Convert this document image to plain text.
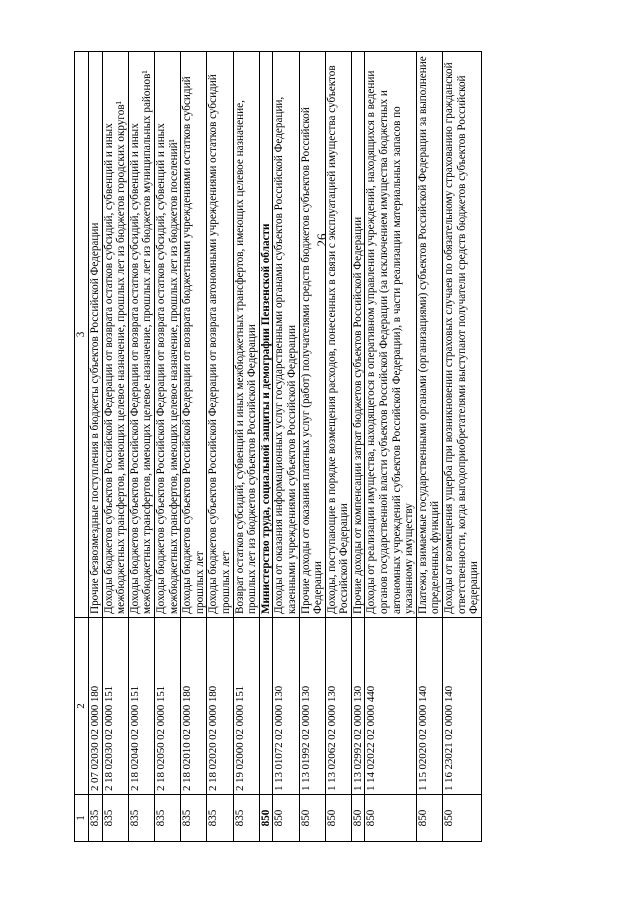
26
1	2	3
835	2 07 02030 02 0000 180	Прочие безвозмездные поступления в бюджеты субъектов Российской Федерации
835	2 18 02030 02 0000 151	Доходы бюджетов субъектов Российской Федерации от возврата остатков субсидий, субвенций и иных межбюджетных трансфертов, имеющих целевое назначение, прошлых лет из бюджетов городских округов¹
835	2 18 02040 02 0000 151	Доходы бюджетов субъектов Российской Федерации от возврата остатков субсидий, субвенций и иных межбюджетных трансфертов, имеющих целевое назначение, прошлых лет из бюджетов муниципальных районов¹
835	2 18 02050 02 0000 151	Доходы бюджетов субъектов Российской Федерации от возврата остатков субсидий, субвенций и иных межбюджетных трансфертов, имеющих целевое назначение, прошлых лет из бюджетов поселений¹
835	2 18 02010 02 0000 180	Доходы бюджетов субъектов Российской Федерации от возврата бюджетными учреждениями остатков субсидий прошлых лет
835	2 18 02020 02 0000 180	Доходы бюджетов субъектов Российской Федерации от возврата автономными учреждениями остатков субсидий прошлых лет
835	2 19 02000 02 0000 151	Возврат остатков субсидий, субвенций и иных межбюджетных трансфертов, имеющих целевое назначение, прошлых лет из бюджетов субъектов Российской Федерации
850		Министерство труда, социальной защиты и демографии Пензенской области
850	1 13 01072 02 0000 130	Доходы от оказания информационных услуг государственными органами субъектов Российской Федерации, казенными учреждениями субъектов Российской Федерации
850	1 13 01992 02 0000 130	Прочие доходы от оказания платных услуг (работ) получателями средств бюджетов субъектов Российской Федерации
850	1 13 02062 02 0000 130	Доходы, поступающие в порядке возмещения расходов, понесенных в связи с эксплуатацией имущества субъектов Российской Федерации
850	1 13 02992 02 0000 130	Прочие доходы от компенсации затрат бюджетов субъектов Российской Федерации
850	1 14 02022 02 0000 440	Доходы от реализации имущества, находящегося в оперативном управлении учреждений, находящихся в ведении органов государственной власти субъектов Российской Федерации (за исключением имущества бюджетных и автономных учреждений субъектов Российской Федерации), в части реализации материальных запасов по указанному имуществу
850	1 15 02020 02 0000 140	Платежи, взимаемые государственными органами (организациями) субъектов Российской Федерации за выполнение определенных функций
850	1 16 23021 02 0000 140	Доходы от возмещения ущерба при возникновении страховых случаев по обязательному страхованию гражданской ответственности, когда выгодоприобретателями выступают получатели средств бюджетов субъектов Российской Федерации
